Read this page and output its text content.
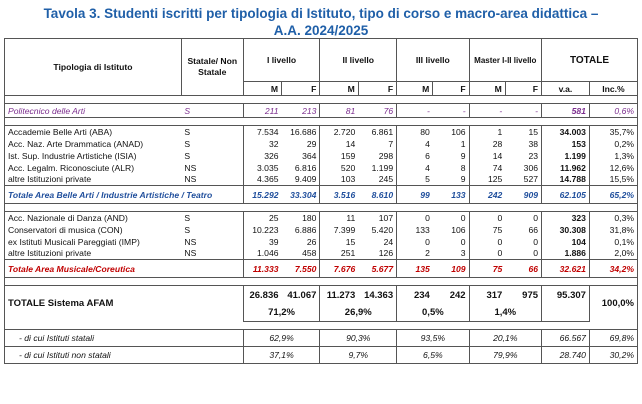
Tavola 3. Studenti iscritti per tipologia di Istituto, tipo di corso e macro-area didattica –
A.A. 2024/2025
Tipologia di Istituto	Statale/ Non Statale	I livello		II livello		III livello		Master I-II livello		TOTALE	
		M	F	M	F	M	F	M	F	v.a.	Inc.%

Politecnico delle Arti	S	211	213	81	76	-	-	-	-	581	0,6%

Accademie Belle Arti (ABA)	S	7.534	16.686	2.720	6.861	80	106	1	15	34.003	35,7%
Acc. Naz. Arte Drammatica (ANAD)	S	32	29	14	7	4	1	28	38	153	0,2%
Ist. Sup. Industrie Artistiche (ISIA)	S	326	364	159	298	6	9	14	23	1.199	1,3%
Acc. Legalm. Riconosciute (ALR)	NS	3.035	6.816	520	1.199	4	8	74	306	11.962	12,6%
altre Istituzioni private	NS	4.365	9.409	103	245	5	9	125	527	14.788	15,5%
Totale Area Belle Arti / Industrie Artistiche / Teatro		15.292	33.304	3.516	8.610	99	133	242	909	62.105	65,2%

Acc. Nazionale di Danza (AND)	S	25	180	11	107	0	0	0	0	323	0,3%
Conservatori di musica (CON)	S	10.223	6.886	7.399	5.420	133	106	75	66	30.308	31,8%
ex Istituti Musicali Pareggiati (IMP)	NS	39	26	15	24	0	0	0	0	104	0,1%
altre Istituzioni private	NS	1.046	458	251	126	2	3	0	0	1.886	2,0%
Totale Area Musicale/Coreutica		11.333	7.550	7.676	5.677	135	109	75	66	32.621	34,2%

TOTALE Sistema AFAM		26.836	41.067	11.273	14.363	234	242	317	975	95.307	100,0%
		71,2%		26,9%		0,5%		1,4%			

- di cui Istituti statali		62,9%		90,3%		93,5%		20,1%		66.567	69,8%
- di cui Istituti non statali		37,1%		9,7%		6,5%		79,9%		28.740	30,2%
